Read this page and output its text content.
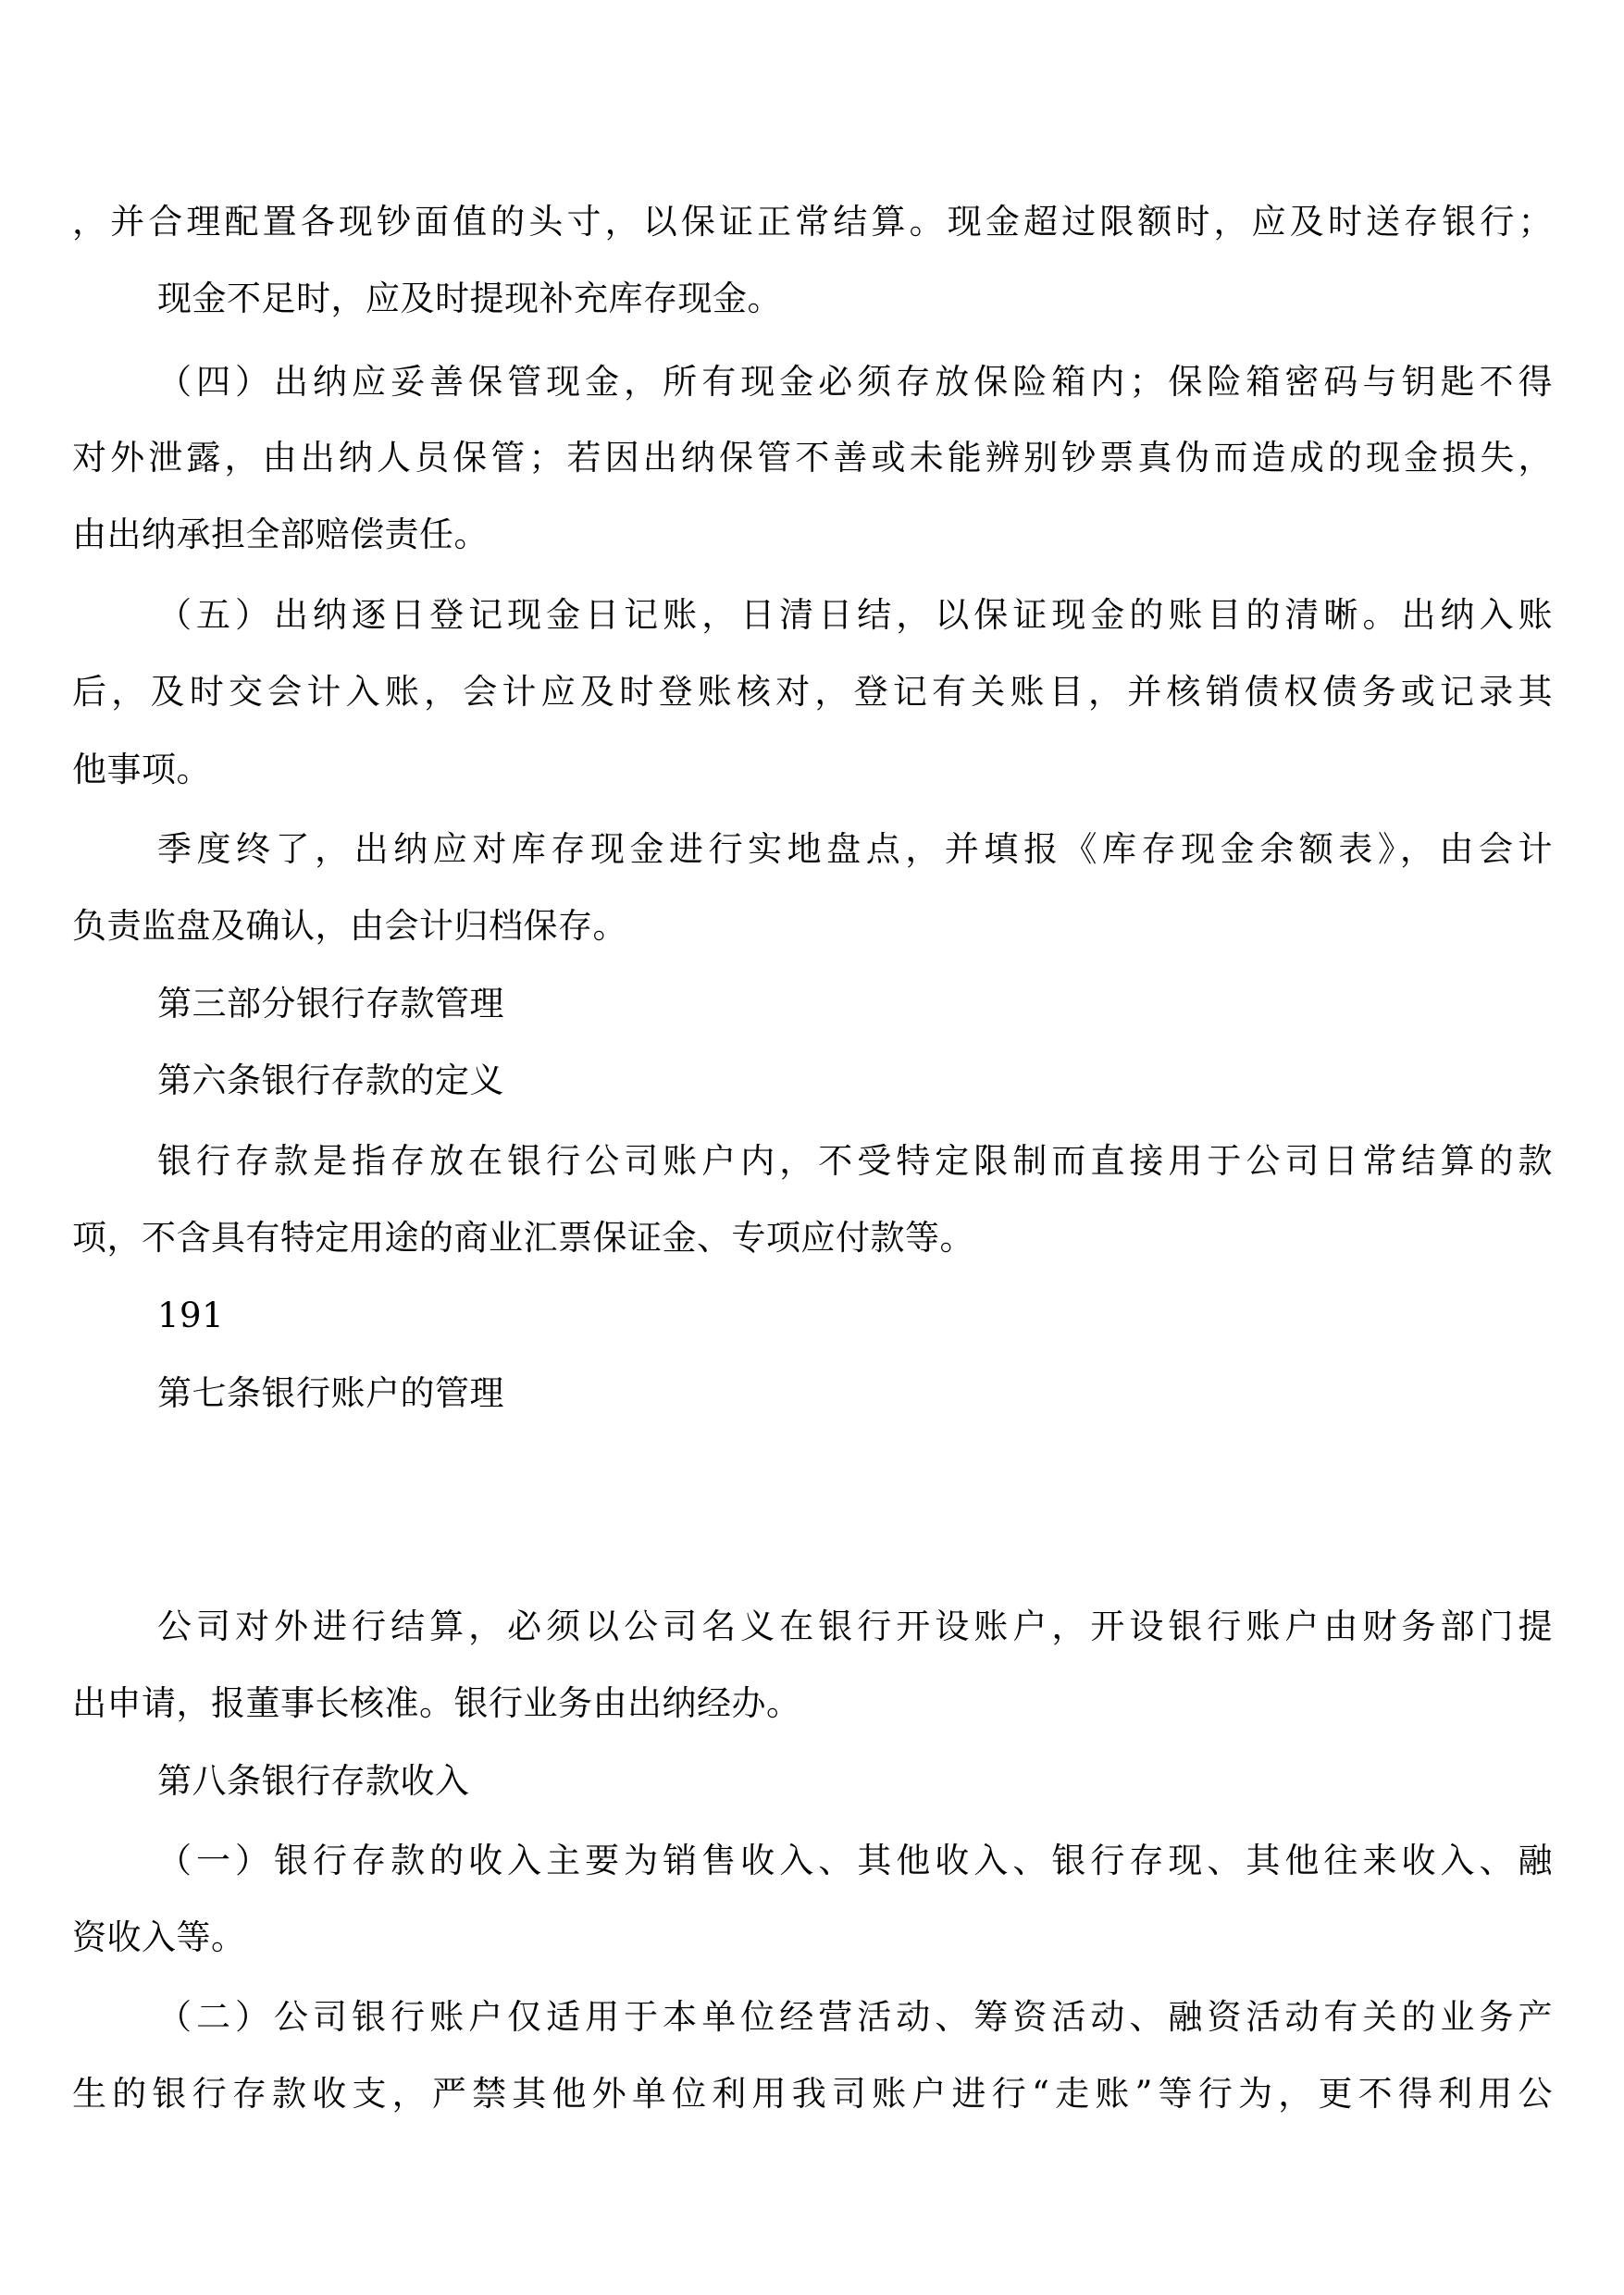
，并合理配置各现钞面值的头寸，以保证正常结算。现金超过限额时，应及时送存银行；
现金不足时，应及时提现补充库存现金。
（四）出纳应妥善保管现金，所有现金必须存放保险箱内；保险箱密码与钥匙不得
对外泄露，由出纳人员保管；若因出纳保管不善或未能辨别钞票真伪而造成的现金损失，
由出纳承担全部赔偿责任。
（五）出纳逐日登记现金日记账，日清日结，以保证现金的账目的清晰。出纳入账
后，及时交会计入账，会计应及时登账核对，登记有关账目，并核销债权债务或记录其
他事项。
季度终了，出纳应对库存现金进行实地盘点，并填报《库存现金余额表》，由会计
负责监盘及确认，由会计归档保存。
第三部分银行存款管理
第六条银行存款的定义
银行存款是指存放在银行公司账户内，不受特定限制而直接用于公司日常结算的款
项，不含具有特定用途的商业汇票保证金、专项应付款等。
191
第七条银行账户的管理
公司对外进行结算，必须以公司名义在银行开设账户，开设银行账户由财务部门提
出申请，报董事长核准。银行业务由出纳经办。
第八条银行存款收入
（一）银行存款的收入主要为销售收入、其他收入、银行存现、其他往来收入、融
资收入等。
（二）公司银行账户仅适用于本单位经营活动、筹资活动、融资活动有关的业务产
生的银行存款收支，严禁其他外单位利用我司账户进行“走账”等行为，更不得利用公
